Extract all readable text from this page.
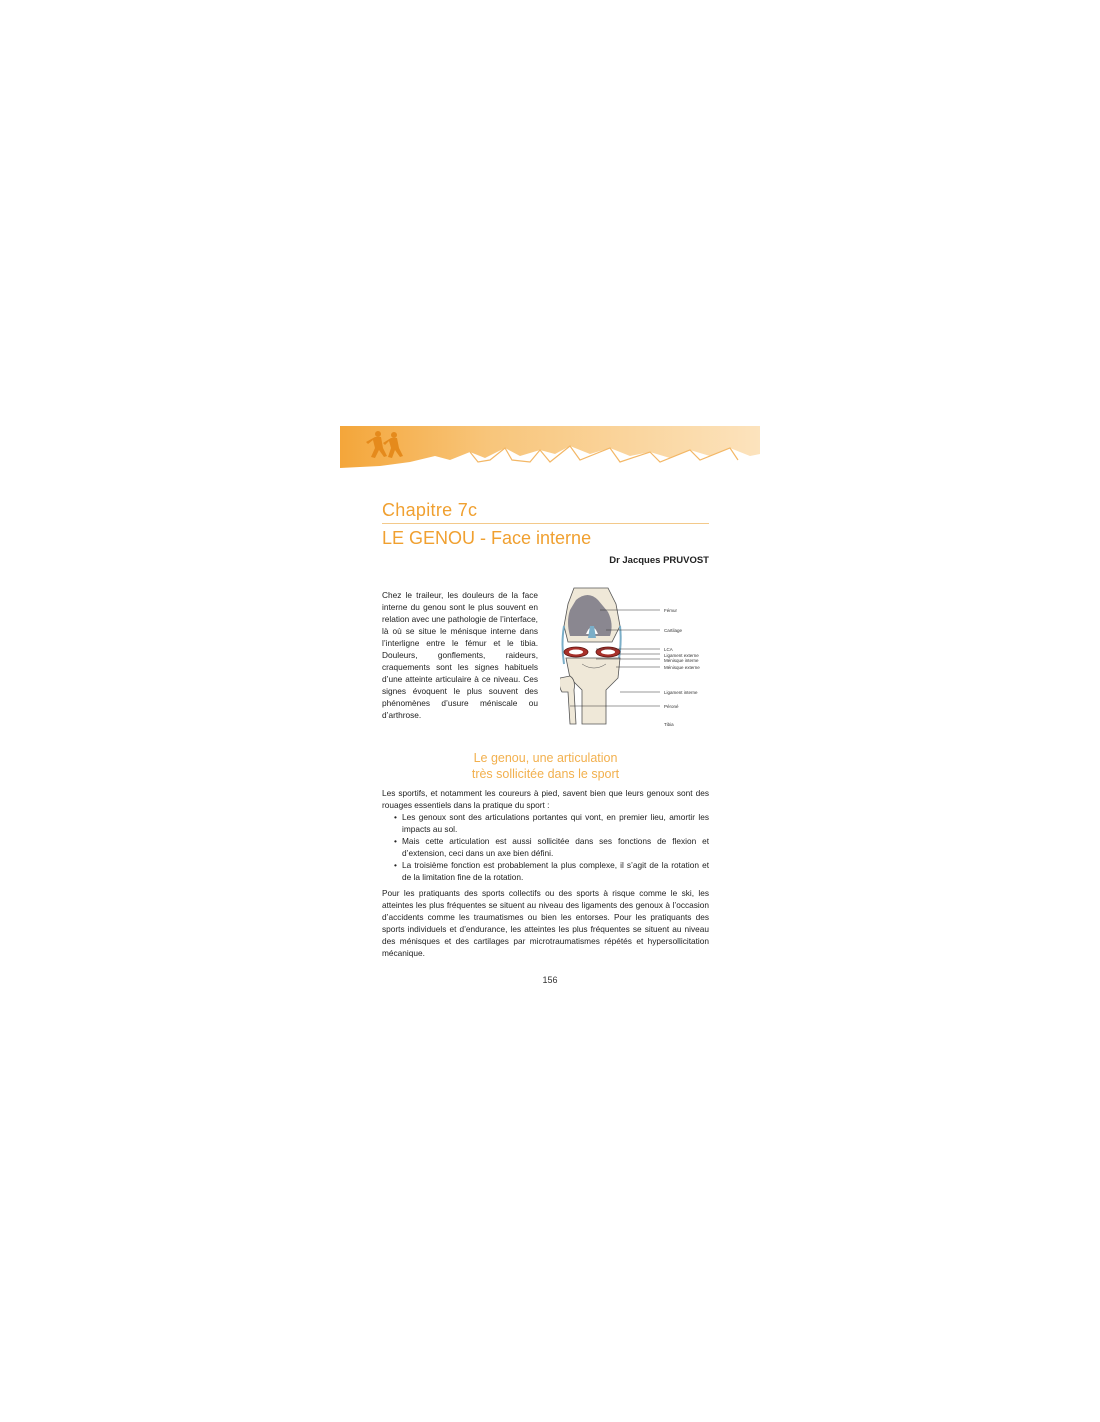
Chapitre 7c
LE GENOU - Face interne
Dr Jacques PRUVOST
Chez le traileur, les douleurs de la face interne du genou sont le plus souvent en relation avec une pathologie de l’interface, là où se situe le ménisque interne dans l’interligne entre le fémur et le tibia. Douleurs, gonflements, raideurs, craquements sont les signes habituels d’une atteinte articulaire à ce niveau. Ces signes évoquent le plus souvent des phénomènes d’usure méniscale ou d’arthrose.
Fémur
Cartilage
LCA
Ligament externe
Ménisque interne
Ménisque externe
Ligament interne
Péroné
Tibia
Le genou, une articulation
très sollicitée dans le sport

Les sportifs, et notamment les coureurs à pied, savent bien que leurs genoux sont des rouages essentiels dans la pratique du sport :

• Les genoux sont des articulations portantes qui vont, en premier lieu, amortir les impacts au sol.
• Mais cette articulation est aussi sollicitée dans ses fonctions de flexion et d’extension, ceci dans un axe bien défini.
• La troisième fonction est probablement la plus complexe, il s’agit de la rotation et de la limitation fine de la rotation.

Pour les pratiquants des sports collectifs ou des sports à risque comme le ski, les atteintes les plus fréquentes se situent au niveau des ligaments des genoux à l’occasion d’accidents comme les traumatismes ou bien les entorses. Pour les pratiquants des sports individuels et d’endurance, les atteintes les plus fréquentes se situent au niveau des ménisques et des cartilages par microtraumatismes répétés et hypersollicitation mécanique.

156
